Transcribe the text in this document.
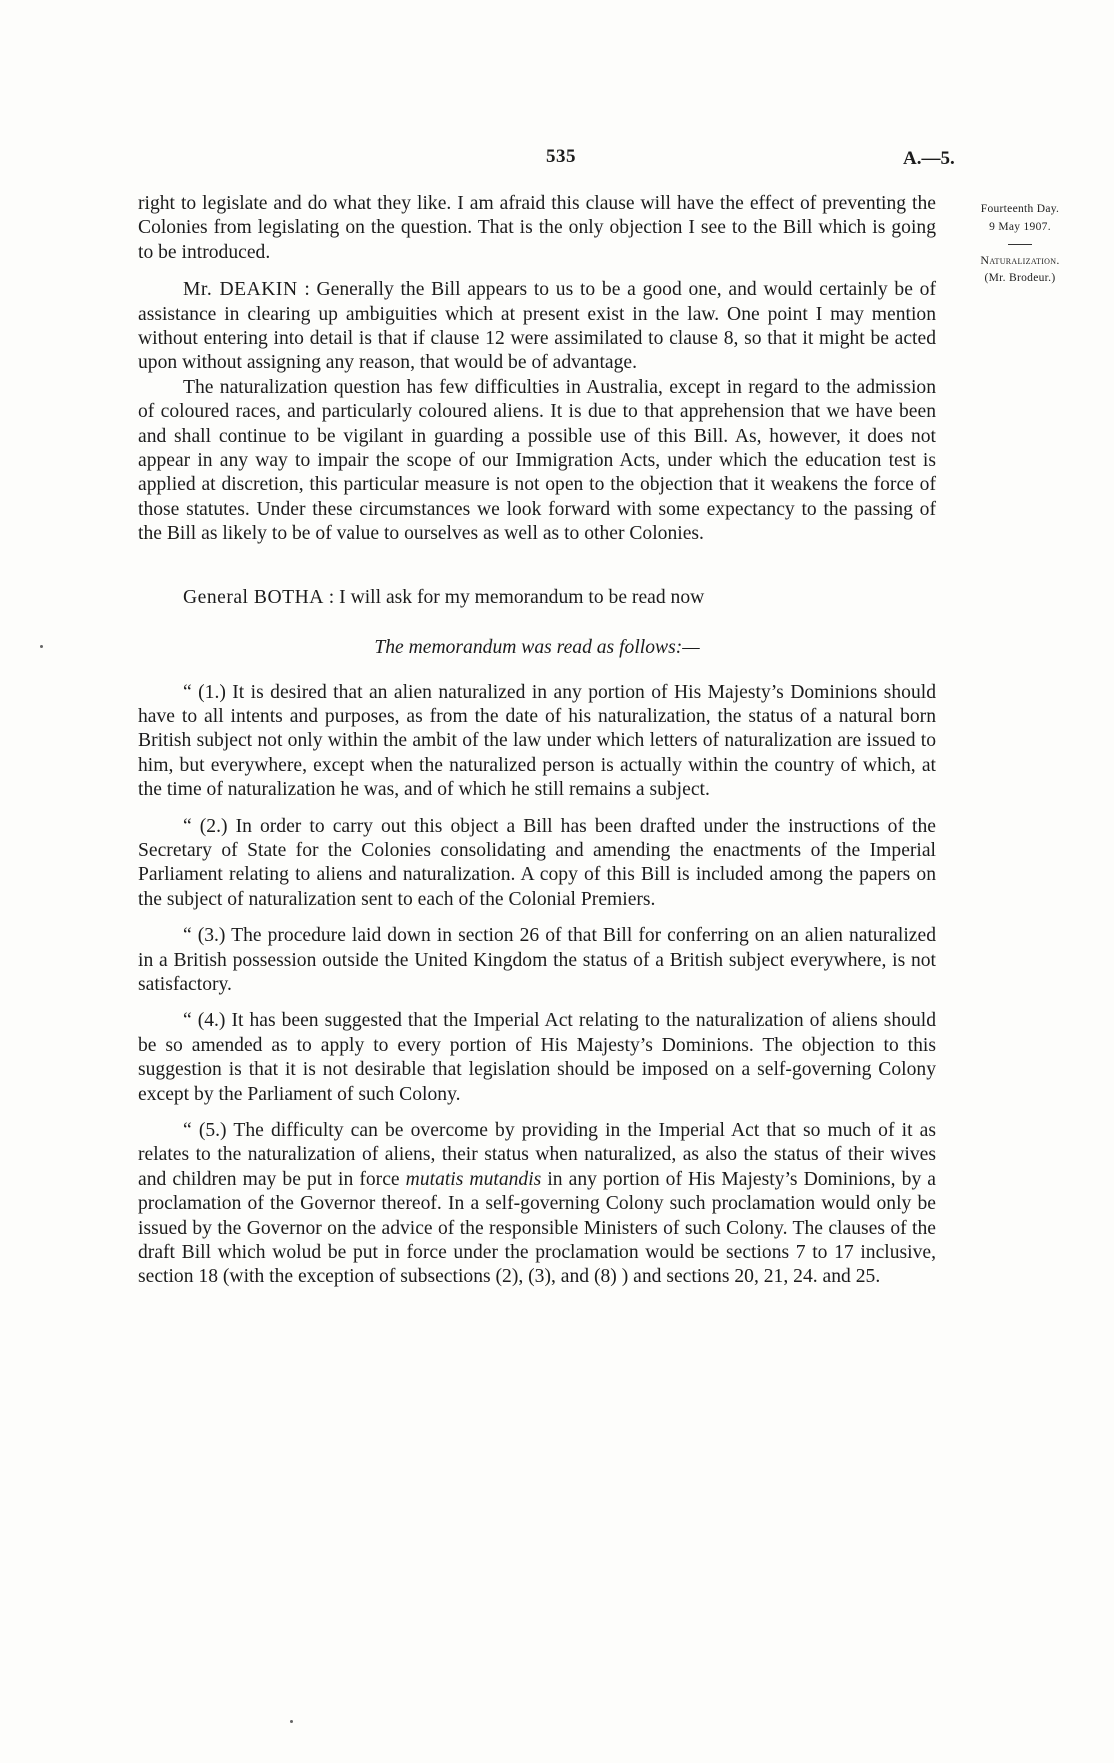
535	A.—5.
Fourteenth Day.
9 May 1907.
Naturalization.
(Mr. Brodeur.)

right to legislate and do what they like. I am afraid this clause will have the effect of preventing the Colonies from legislating on the question. That is the only objection I see to the Bill which is going to be introduced.

Mr. DEAKIN : Generally the Bill appears to us to be a good one, and would certainly be of assistance in clearing up ambiguities which at present exist in the law. One point I may mention without entering into detail is that if clause 12 were assimilated to clause 8, so that it might be acted upon without assigning any reason, that would be of advantage.

The naturalization question has few difficulties in Australia, except in regard to the admission of coloured races, and particularly coloured aliens. It is due to that apprehension that we have been and shall continue to be vigilant in guarding a possible use of this Bill. As, however, it does not appear in any way to impair the scope of our Immigration Acts, under which the education test is applied at discretion, this particular measure is not open to the objection that it weakens the force of those statutes. Under these circumstances we look forward with some expectancy to the passing of the Bill as likely to be of value to ourselves as well as to other Colonies.

General BOTHA : I will ask for my memorandum to be read now

The memorandum was read as follows:—

“ (1.) It is desired that an alien naturalized in any portion of His Majesty’s Dominions should have to all intents and purposes, as from the date of his naturalization, the status of a natural born British subject not only within the ambit of the law under which letters of naturalization are issued to him, but everywhere, except when the naturalized person is actually within the country of which, at the time of naturalization he was, and of which he still remains a subject.

“ (2.) In order to carry out this object a Bill has been drafted under the instructions of the Secretary of State for the Colonies consolidating and amending the enactments of the Imperial Parliament relating to aliens and naturalization. A copy of this Bill is included among the papers on the subject of naturalization sent to each of the Colonial Premiers.

“ (3.) The procedure laid down in section 26 of that Bill for conferring on an alien naturalized in a British possession outside the United Kingdom the status of a British subject everywhere, is not satisfactory.

“ (4.) It has been suggested that the Imperial Act relating to the naturalization of aliens should be so amended as to apply to every portion of His Majesty’s Dominions. The objection to this suggestion is that it is not desirable that legislation should be imposed on a self-governing Colony except by the Parliament of such Colony.

“ (5.) The difficulty can be overcome by providing in the Imperial Act that so much of it as relates to the naturalization of aliens, their status when naturalized, as also the status of their wives and children may be put in force mutatis mutandis in any portion of His Majesty’s Dominions, by a proclamation of the Governor thereof. In a self-governing Colony such proclamation would only be issued by the Governor on the advice of the responsible Ministers of such Colony. The clauses of the draft Bill which wolud be put in force under the proclamation would be sections 7 to 17 inclusive, section 18 (with the exception of subsections (2), (3), and (8) ) and sections 20, 21, 24. and 25.
